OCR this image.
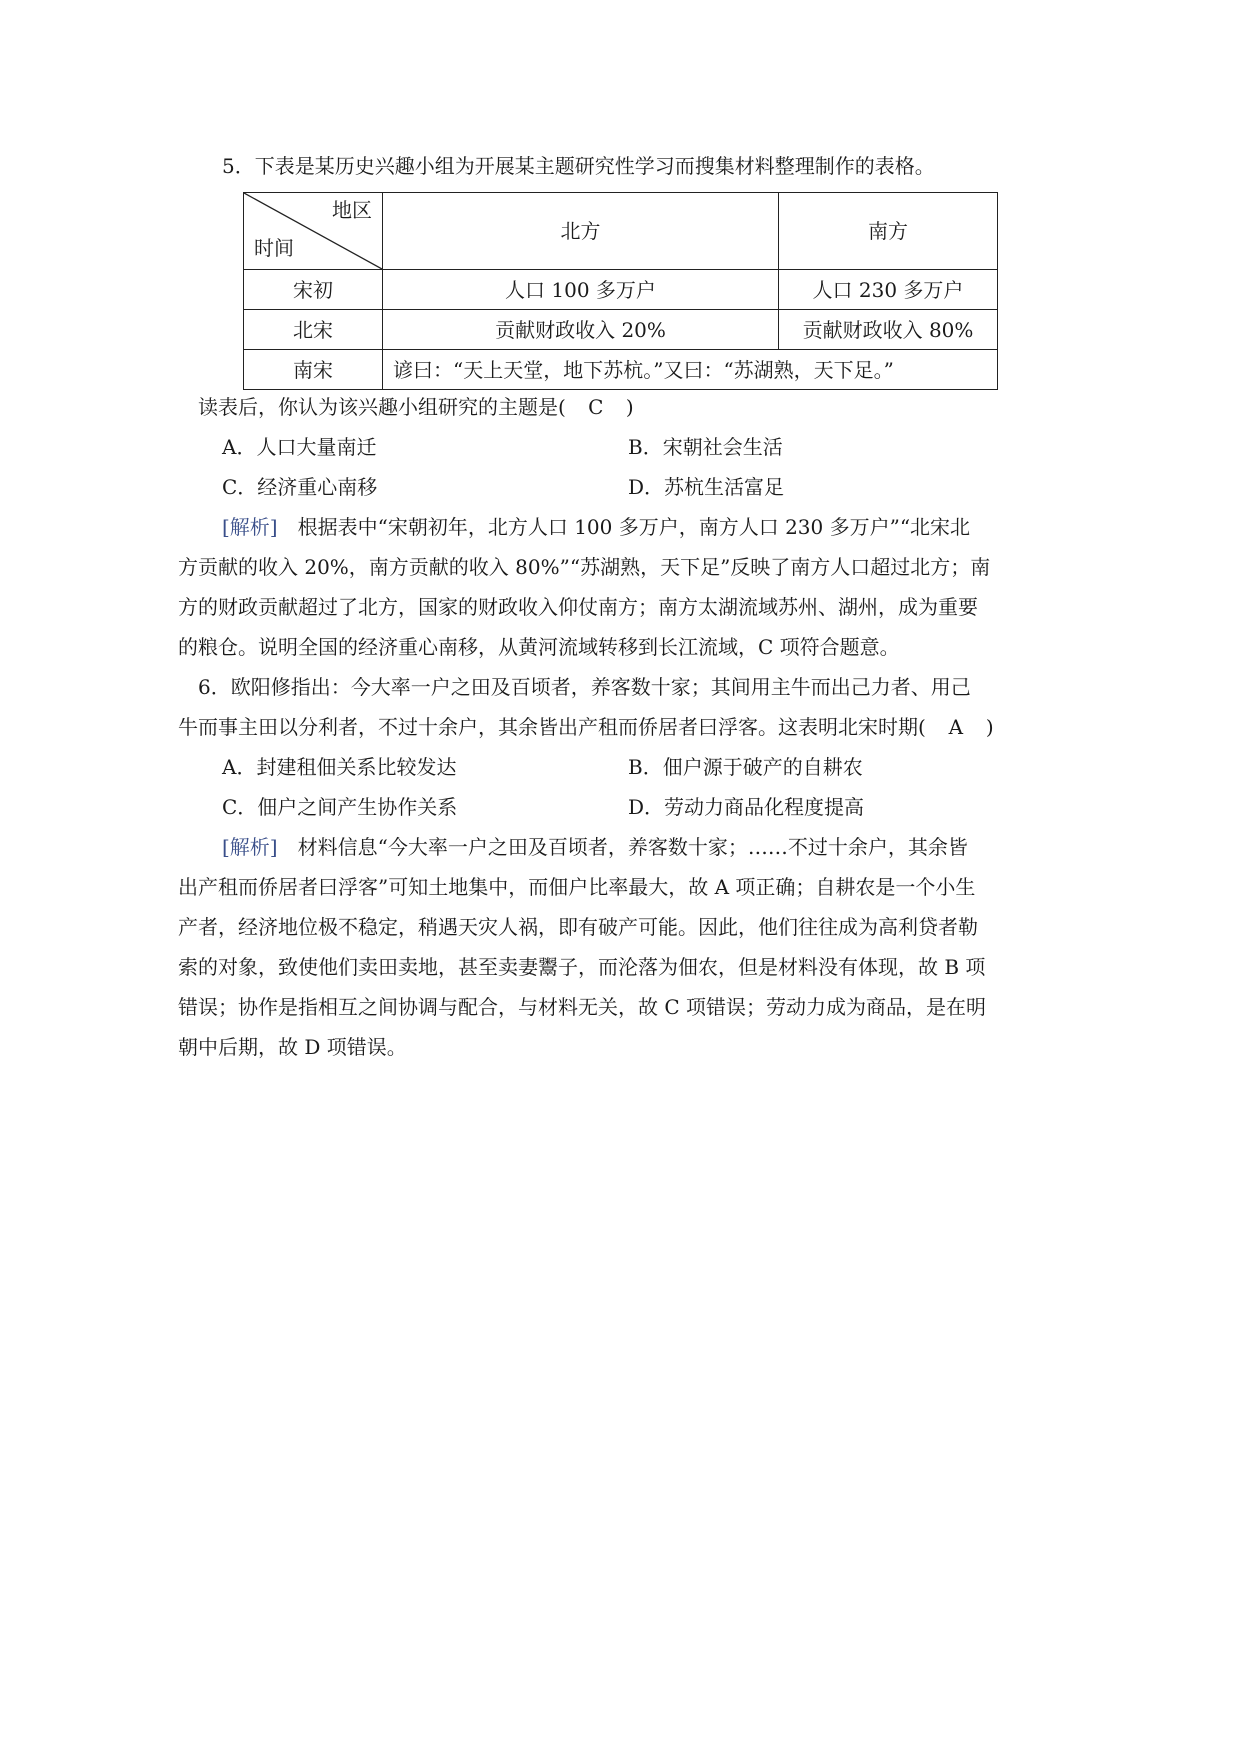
5．下表是某历史兴趣小组为开展某主题研究性学习而搜集材料整理制作的表格。
地区
时间	北方	南方
宋初	人口 100 多万户	人口 230 多万户
北宋	贡献财政收入 20%	贡献财政收入 80%
南宋	谚曰：“天上天堂，地下苏杭。”又曰：“苏湖熟，天下足。”	
读表后，你认为该兴趣小组研究的主题是( C )
A．人口大量南迁	B．宋朝社会生活
C．经济重心南移	D．苏杭生活富足
[解析] 根据表中“宋朝初年，北方人口 100 多万户，南方人口 230 多万户”“北宋北
方贡献的收入 20%，南方贡献的收入 80%”“苏湖熟，天下足”反映了南方人口超过北方；南
方的财政贡献超过了北方，国家的财政收入仰仗南方；南方太湖流域苏州、湖州，成为重要
的粮仓。说明全国的经济重心南移，从黄河流域转移到长江流域，C 项符合题意。
6．欧阳修指出：今大率一户之田及百顷者，养客数十家；其间用主牛而出己力者、用己
牛而事主田以分利者，不过十余户，其余皆出产租而侨居者曰浮客。这表明北宋时期( A )
A．封建租佃关系比较发达	B．佃户源于破产的自耕农
C．佃户之间产生协作关系	D．劳动力商品化程度提高
[解析] 材料信息“今大率一户之田及百顷者，养客数十家；……不过十余户，其余皆
出产租而侨居者曰浮客”可知土地集中，而佃户比率最大，故 A 项正确；自耕农是一个小生
产者，经济地位极不稳定，稍遇天灾人祸，即有破产可能。因此，他们往往成为高利贷者勒
索的对象，致使他们卖田卖地，甚至卖妻鬻子，而沦落为佃农，但是材料没有体现，故 B 项
错误；协作是指相互之间协调与配合，与材料无关，故 C 项错误；劳动力成为商品，是在明
朝中后期，故 D 项错误。
